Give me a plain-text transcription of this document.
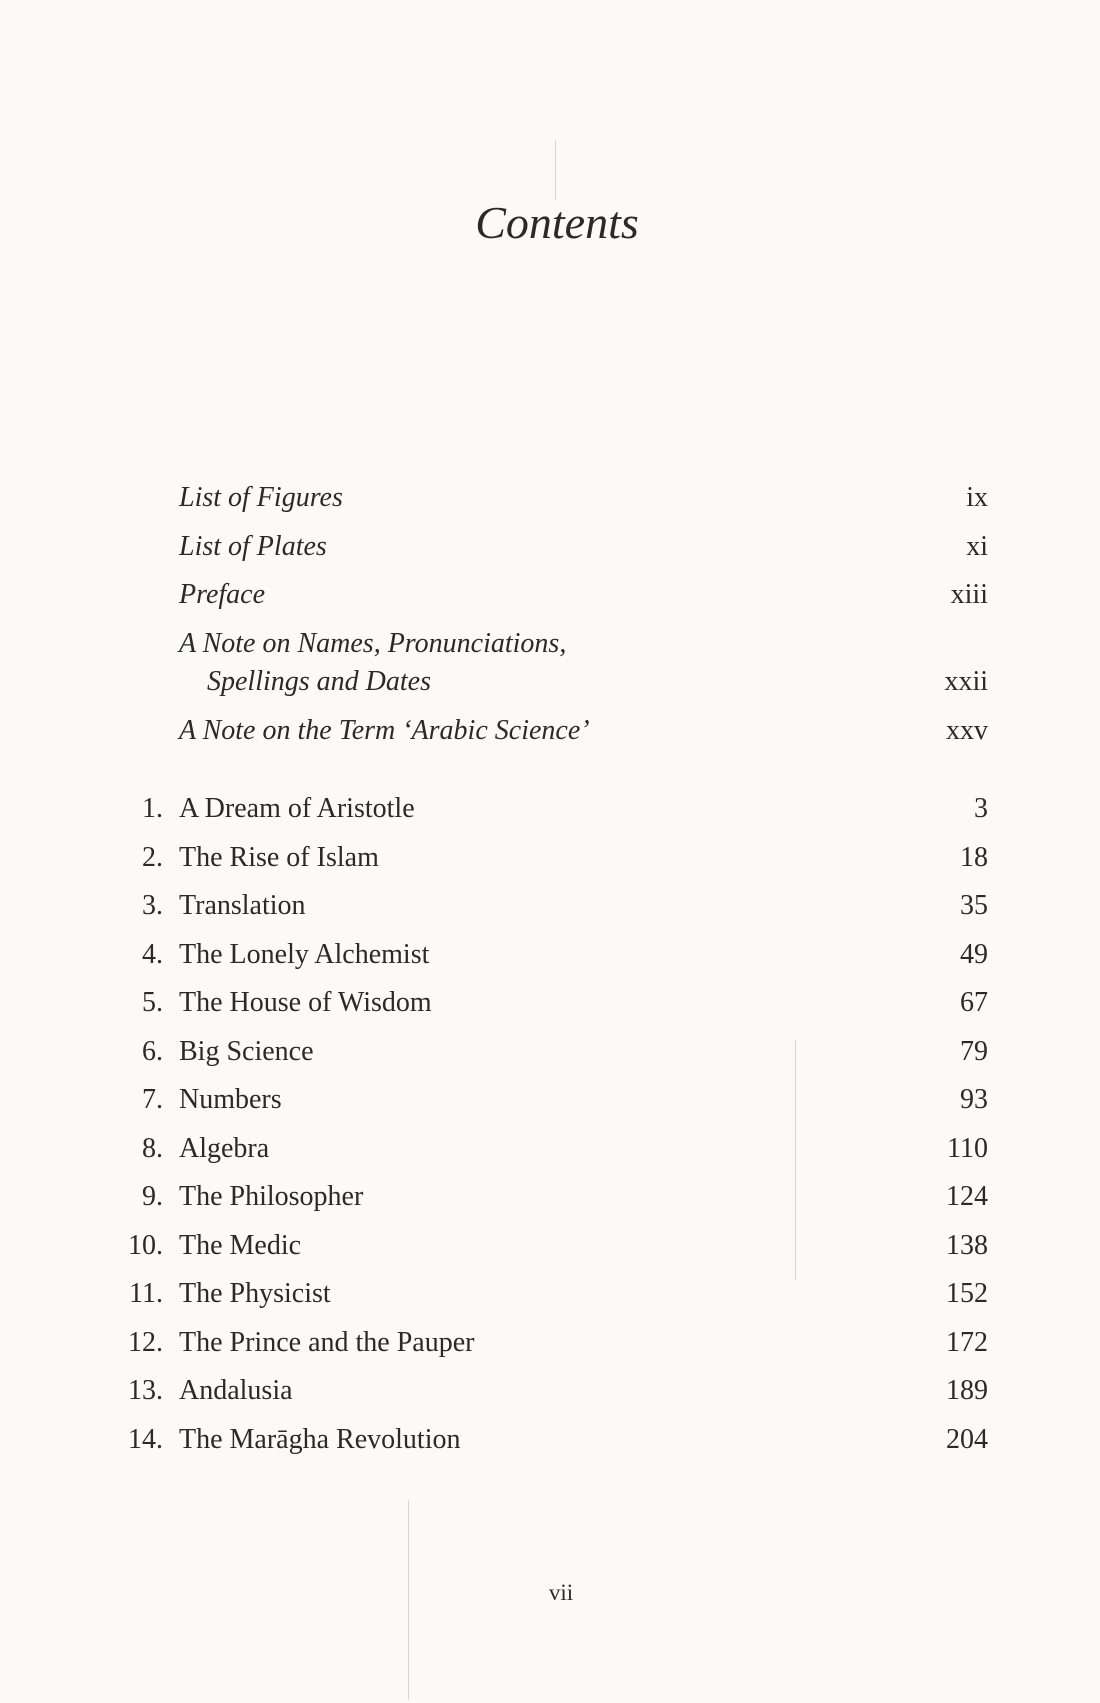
Contents
List of Figures	ix
List of Plates	xi
Preface	xiii
A Note on Names, Pronunciations,
Spellings and Dates	xxii
A Note on the Term ‘Arabic Science’	xxv
1. A Dream of Aristotle	3
2. The Rise of Islam	18
3. Translation	35
4. The Lonely Alchemist	49
5. The House of Wisdom	67
6. Big Science	79
7. Numbers	93
8. Algebra	110
9. The Philosopher	124
10. The Medic	138
11. The Physicist	152
12. The Prince and the Pauper	172
13. Andalusia	189
14. The Marāgha Revolution	204
vii
